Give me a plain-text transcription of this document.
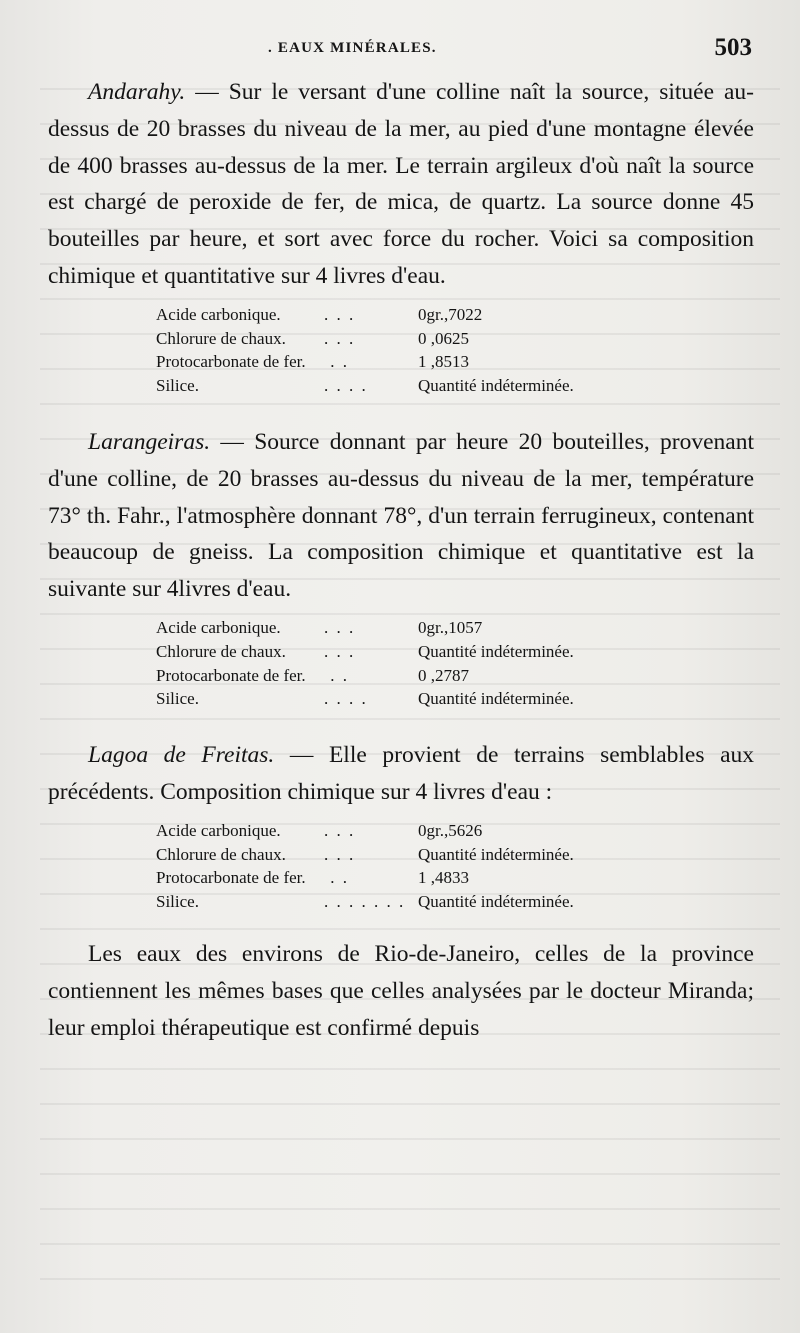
. EAUX MINÉRALES.	503

Andarahy. — Sur le versant d'une colline naît la source, située au-dessus de 20 brasses du niveau de la mer, au pied d'une montagne élevée de 400 brasses au-dessus de la mer. Le terrain argileux d'où naît la source est chargé de peroxide de fer, de mica, de quartz. La source donne 45 bouteilles par heure, et sort avec force du rocher. Voici sa composition chimique et quantitative sur 4 livres d'eau.

Acide carbonique.	. . .	0gr.,7022
Chlorure de chaux.	. . .	0 ,0625
Protocarbonate de fer.	. .	1 ,8513
Silice.	. . . .	Quantité indéterminée.

Larangeiras. — Source donnant par heure 20 bouteilles, provenant d'une colline, de 20 brasses au-dessus du niveau de la mer, température 73° th. Fahr., l'atmosphère donnant 78°, d'un terrain ferrugineux, contenant beaucoup de gneiss. La composition chimique et quantitative est la suivante sur 4livres d'eau.

Acide carbonique.	. . .	0gr.,1057
Chlorure de chaux.	. . .	Quantité indéterminée.
Protocarbonate de fer.	. .	0 ,2787
Silice.	. . . .	Quantité indéterminée.

Lagoa de Freitas. — Elle provient de terrains semblables aux précédents. Composition chimique sur 4 livres d'eau :

Acide carbonique.	. . .	0gr.,5626
Chlorure de chaux.	. . .	Quantité indéterminée.
Protocarbonate de fer.	. .	1 ,4833
Silice.	. . . . . . . Quantité indéterminée.

Les eaux des environs de Rio-de-Janeiro, celles de la province contiennent les mêmes bases que celles analysées par le docteur Miranda; leur emploi thérapeutique est confirmé depuis
